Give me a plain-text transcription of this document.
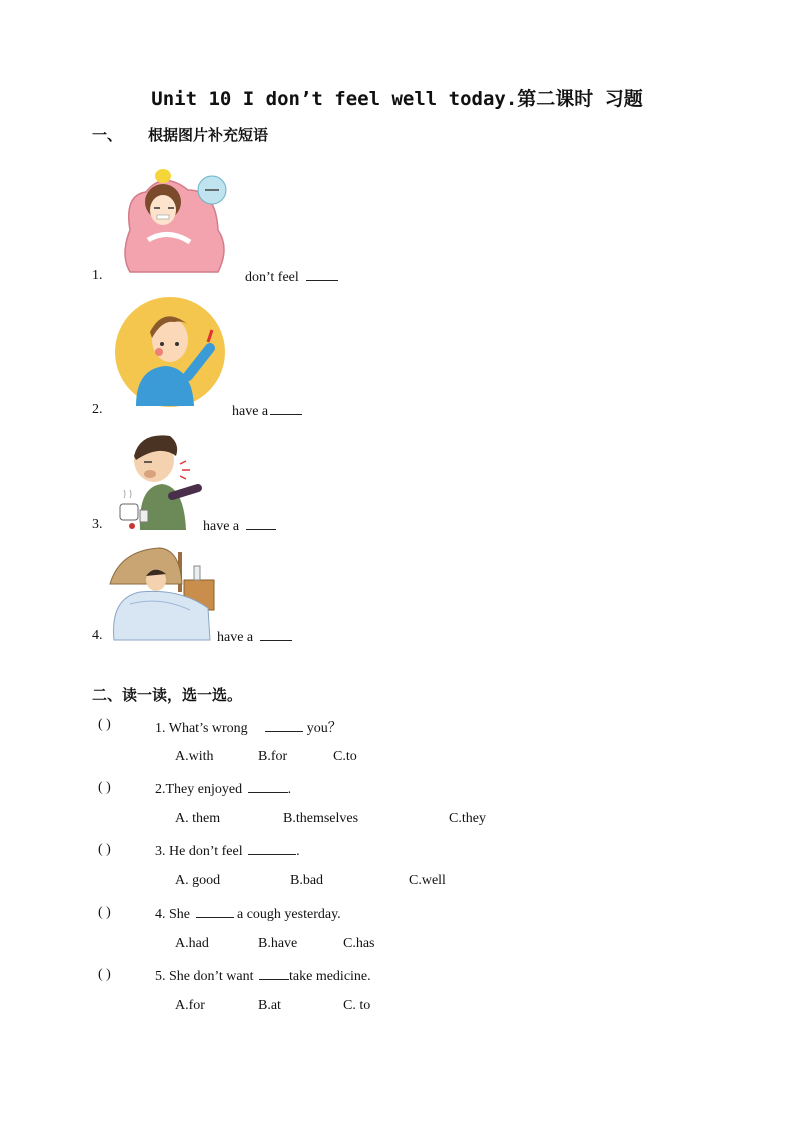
Unit 10 I don’t feel well today.第二课时 习题
一、 根据图片补充短语
1.	don’t feel
2.	have a
3.	have a
4.	have a
二、读一读，选一选。
( )	1. What’s wrong	you？
A.with	B.for	C.to
( )	2.They enjoyed	.
A. them	B.themselves	C.they
( )	3. He don’t feel	.
A. good	B.bad	C.well
( )	4. She	a cough yesterday.
A.had	B.have	C.has
( )	5. She don’t want	take medicine.
A.for	B.at	C. to
